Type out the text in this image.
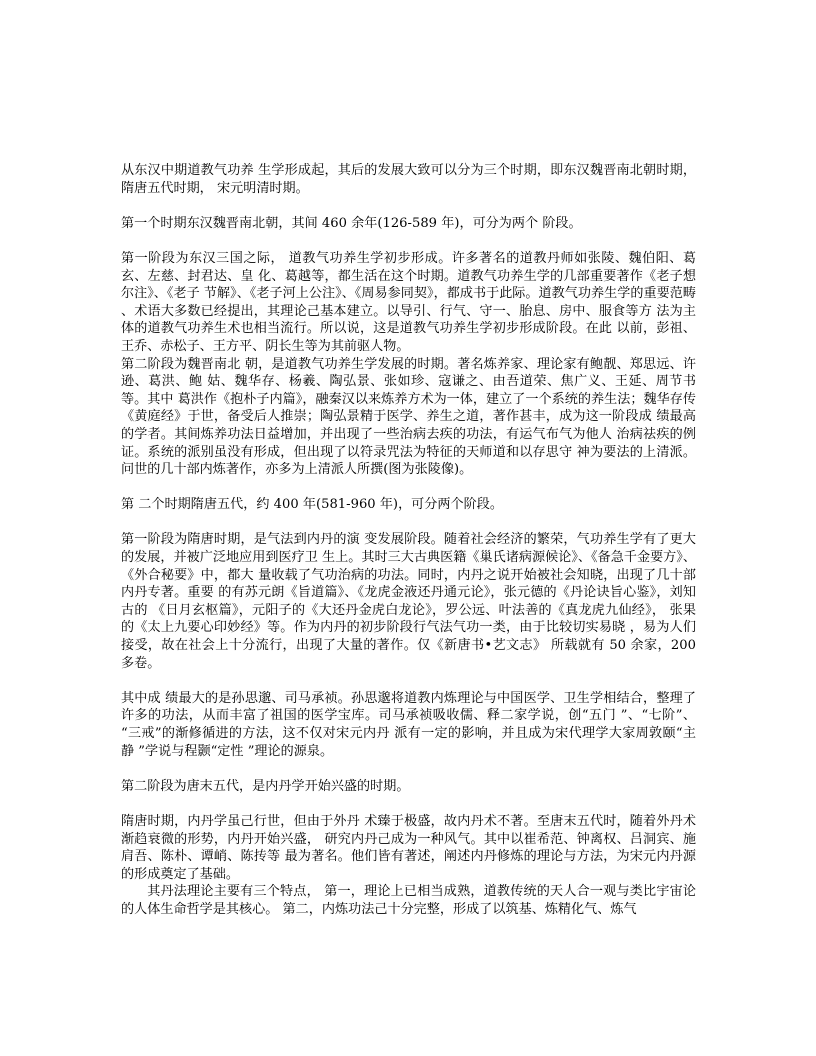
从东汉中期道教气功养 生学形成起，其后的发展大致可以分为三个时期，即东汉魏晋南北朝时期，隋唐五代时期， 宋元明清时期。

第一个时期东汉魏晋南北朝，其间 460 余年(126-589 年)，可分为两个 阶段。

第一阶段为东汉三国之际， 道教气功养生学初步形成。许多著名的道教丹师如张陵、魏伯阳、葛玄、左慈、封君达、皇 化、葛越等，都生活在这个时期。道教气功养生学的几部重要著作《老子想尔注》、《老子 节解》、《老子河上公注》、《周易参同契》，都成书于此际。道教气功养生学的重要范畴 、术语大多数已经提出，其理论己基本建立。以导引、行气、守一、胎息、房中、服食等方 法为主体的道教气功养生术也相当流行。所以说，这是道教气功养生学初步形成阶段。在此 以前，彭祖、王乔、赤松子、王方平、阴长生等为其前驱人物。

第二阶段为魏晋南北 朝，是道教气功养生学发展的时期。著名炼养家、理论家有鲍靓、郑思远、许逊、葛洪、鲍 姑、魏华存、杨羲、陶弘景、张如珍、寇谦之、由吾道荣、焦广义、王延、周节书等。其中 葛洪作《抱朴子内篇》，融秦汉以来炼养方术为一体，建立了一个系统的养生法；魏华存传 《黄庭经》于世，备受后人推崇；陶弘景精于医学、养生之道，著作甚丰，成为这一阶段成 绩最高的学者。其间炼养功法日益增加，并出现了一些治病去疾的功法，有运气布气为他人 治病祛疾的例证。系统的派别虽没有形成，但出现了以符录咒法为特征的天师道和以存思守 神为要法的上清派。问世的几十部内炼著作，亦多为上清派人所撰(图为张陵像)。

第 二个时期隋唐五代，约 400 年(581-960 年)，可分两个阶段。

第一阶段为隋唐时期，是气法到内丹的演 变发展阶段。随着社会经济的繁荣，气功养生学有了更大的发展，并被广泛地应用到医疗卫 生上。其时三大古典医籍《巢氏诸病源候论》、《备急千金要方》、《外合秘要》中，都大 量收载了气功治病的功法。同时，内丹之说开始被社会知晓，出现了几十部内丹专著。重要 的有苏元朗《旨道篇》、《龙虎金液还丹通元论》，张元德的《丹论诀旨心鉴》，刘知古的 《日月玄枢篇》，元阳子的《大还丹金虎白龙论》，罗公远、叶法善的《真龙虎九仙经》， 张果的《太上九要心印妙经》等。作为内丹的初步阶段行气法气功一类，由于比较切实易晓 ，易为人们接受，故在社会上十分流行，出现了大量的著作。仅《新唐书•艺文志》 所载就有 50 余家，200 多卷。

其中成 绩最大的是孙思邈、司马承祯。孙思邈将道教内炼理论与中国医学、卫生学相结合，整理了 许多的功法，从而丰富了祖国的医学宝库。司马承祯吸收儒、释二家学说，创“五门 ”、“七阶”、“三戒”的渐修循进的方法，这不仅对宋元内丹 派有一定的影响，并且成为宋代理学大家周敦颐“主静 ”学说与程颢“定性 ”理论的源泉。

第二阶段为唐末五代，是内丹学开始兴盛的时期。

隋唐时期，内丹学虽己行世，但由于外丹 术臻于极盛，故内丹术不著。至唐末五代时，随着外丹术渐趋衰微的形势，内丹开始兴盛， 研究内丹己成为一种风气。其中以崔希范、钟离权、吕洞宾、施肩吾、陈朴、谭峭、陈抟等 最为著名。他们皆有著述，阐述内丹修炼的理论与方法，为宋元内丹源的形成奠定了基础。

其丹法理论主要有三个特点， 第一，理论上已相当成熟，道教传统的天人合一观与类比宇宙论的人体生命哲学是其核心。 第二，内炼功法己十分完整，形成了以筑基、炼精化气、炼气
